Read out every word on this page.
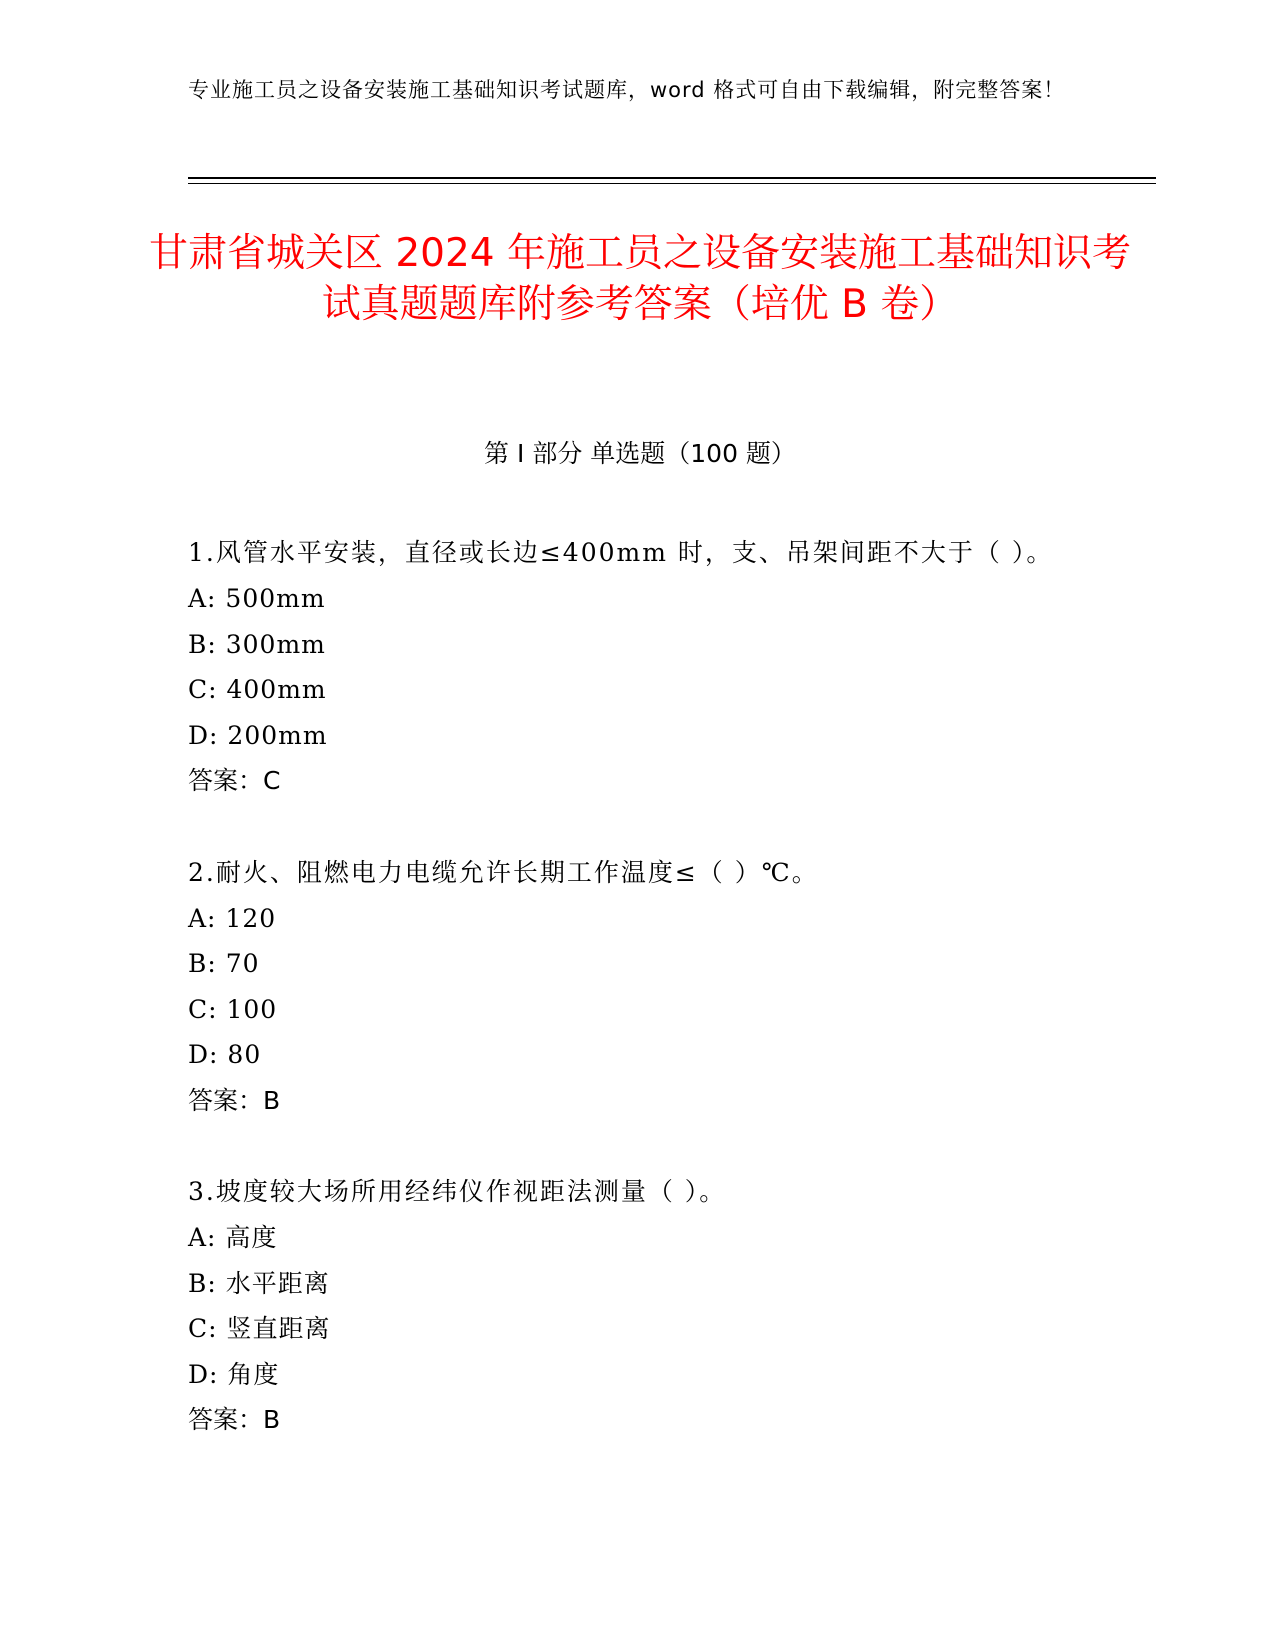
专业施工员之设备安装施工基础知识考试题库，word 格式可自由下载编辑，附完整答案！
甘肃省城关区 2024 年施工员之设备安装施工基础知识考试真题题库附参考答案（培优 B 卷）
第 I 部分 单选题（100 题）
1.风管水平安装，直径或长边≤400mm 时，支、吊架间距不大于（ ）。
A: 500mm
B: 300mm
C: 400mm
D: 200mm
答案：C
2.耐火、阻燃电力电缆允许长期工作温度≤（ ）℃。
A: 120
B: 70
C: 100
D: 80
答案：B
3.坡度较大场所用经纬仪作视距法测量（ ）。
A: 高度
B: 水平距离
C: 竖直距离
D: 角度
答案：B
